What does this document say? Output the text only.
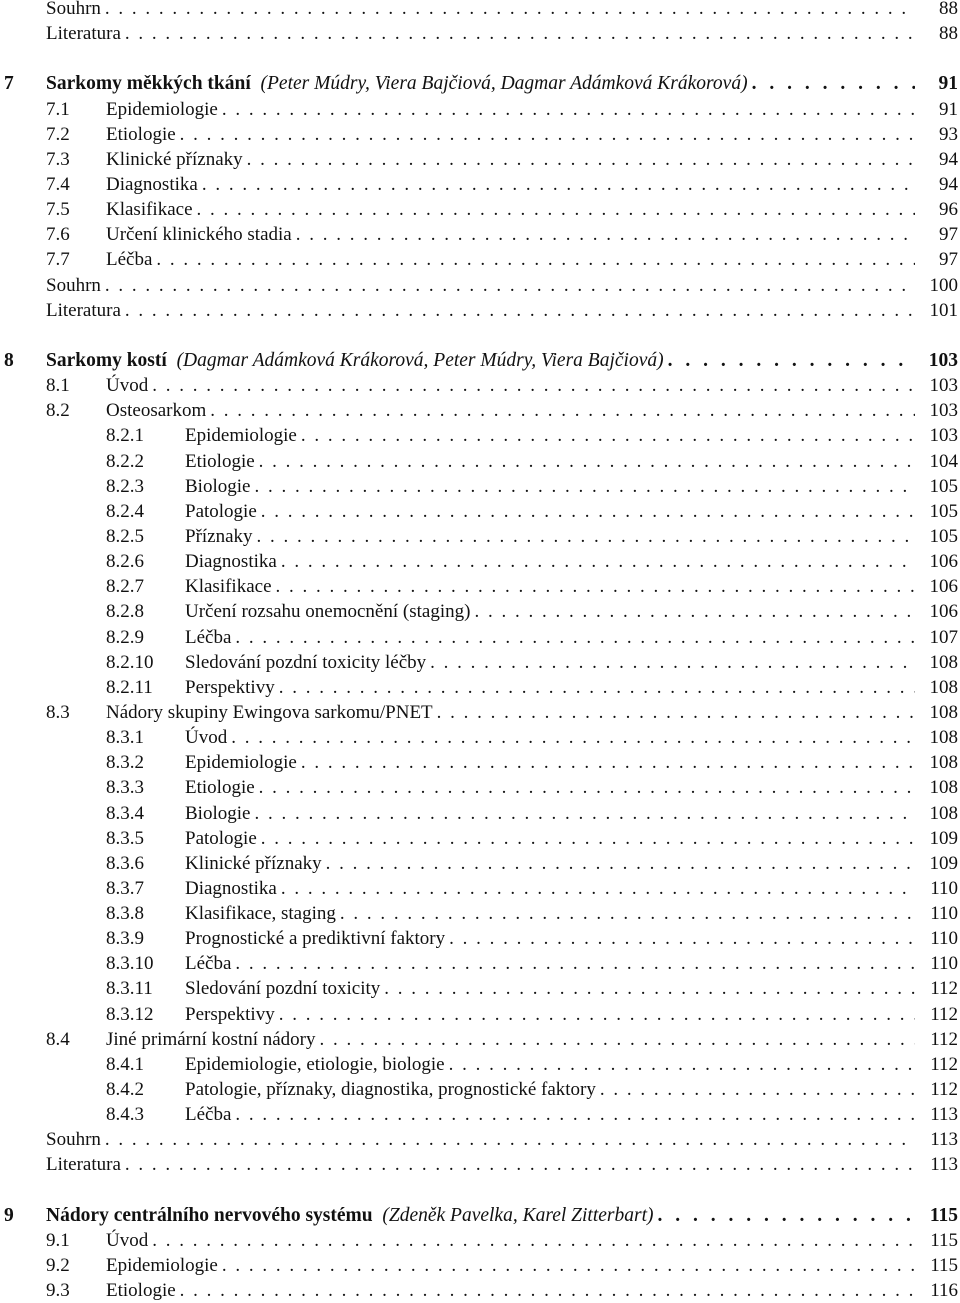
Souhrn . . .	88
Literatura . . .	88
7 Sarkomy měkkých tkání (Peter Múdry, Viera Bajčiová, Dagmar Adámková Krákorová) . . .	91
7.1 Epidemiologie . . .	91
7.2 Etiologie . . .	93
7.3 Klinické příznaky . . .	94
7.4 Diagnostika . . .	94
7.5 Klasifikace . . .	96
7.6 Určení klinického stadia . . .	97
7.7 Léčba . . .	97
Souhrn . . .	100
Literatura . . .	101
8 Sarkomy kostí (Dagmar Adámková Krákorová, Peter Múdry, Viera Bajčiová) . . .	103
8.1 Úvod . . .	103
8.2 Osteosarkom . . .	103
8.2.1 Epidemiologie . . .	103
8.2.2 Etiologie . . .	104
8.2.3 Biologie . . .	105
8.2.4 Patologie . . .	105
8.2.5 Příznaky . . .	105
8.2.6 Diagnostika . . .	106
8.2.7 Klasifikace . . .	106
8.2.8 Určení rozsahu onemocnění (staging) . . .	106
8.2.9 Léčba . . .	107
8.2.10 Sledování pozdní toxicity léčby . . .	108
8.2.11 Perspektivy . . .	108
8.3 Nádory skupiny Ewingova sarkomu/PNET . . .	108
8.3.1 Úvod . . .	108
8.3.2 Epidemiologie . . .	108
8.3.3 Etiologie . . .	108
8.3.4 Biologie . . .	108
8.3.5 Patologie . . .	109
8.3.6 Klinické příznaky . . .	109
8.3.7 Diagnostika . . .	110
8.3.8 Klasifikace, staging . . .	110
8.3.9 Prognostické a prediktivní faktory . . .	110
8.3.10 Léčba . . .	110
8.3.11 Sledování pozdní toxicity . . .	112
8.3.12 Perspektivy . . .	112
8.4 Jiné primární kostní nádory . . .	112
8.4.1 Epidemiologie, etiologie, biologie . . .	112
8.4.2 Patologie, příznaky, diagnostika, prognostické faktory . . .	112
8.4.3 Léčba . . .	113
Souhrn . . .	113
Literatura . . .	113
9 Nádory centrálního nervového systému (Zdeněk Pavelka, Karel Zitterbart) . . .	115
9.1 Úvod . . .	115
9.2 Epidemiologie . . .	115
9.3 Etiologie . . .	116
